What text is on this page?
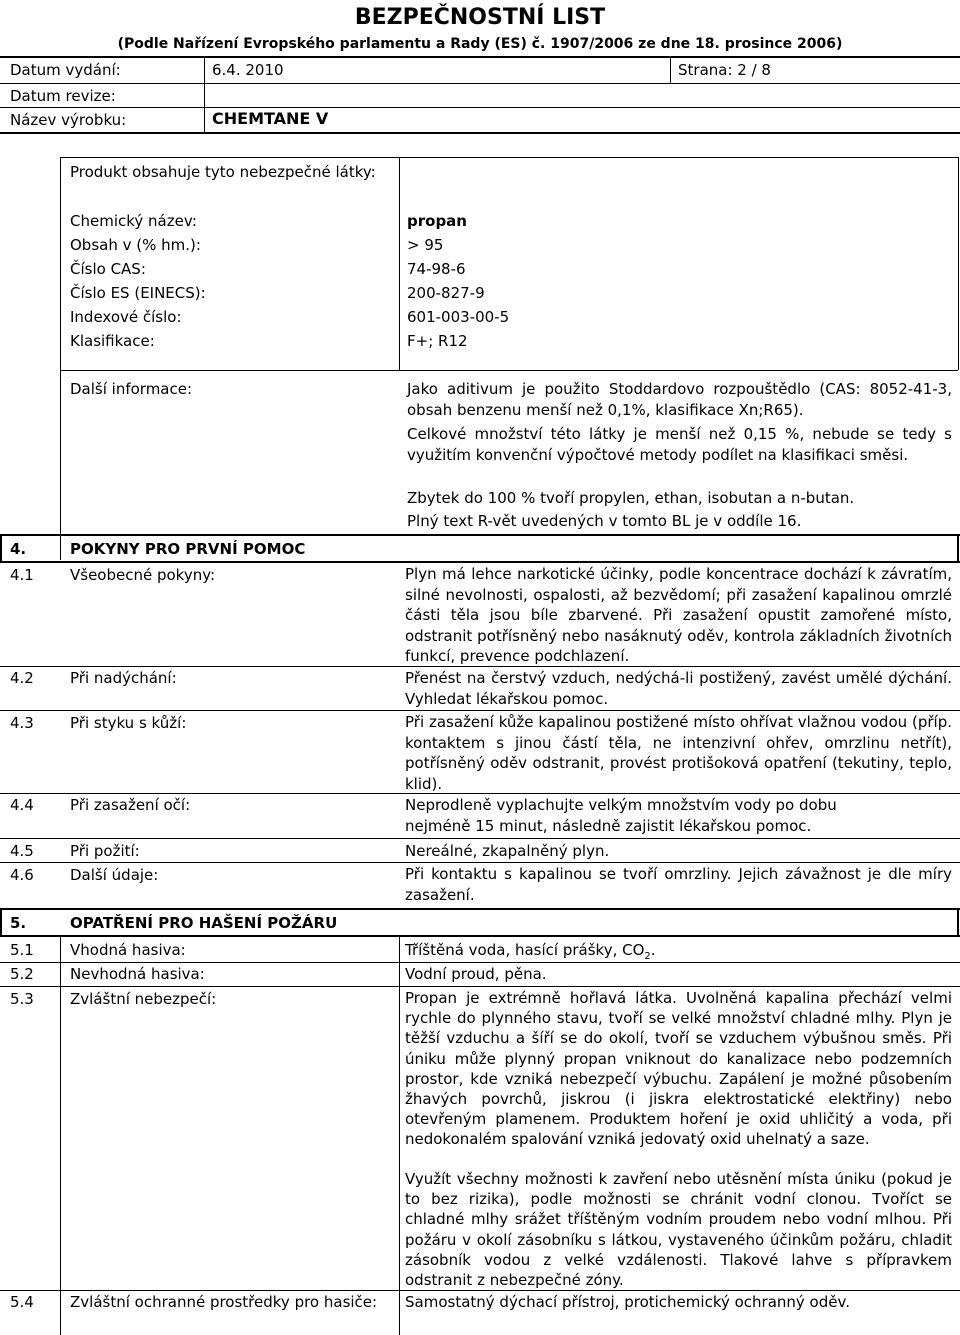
BEZPEČNOSTNÍ LIST
(Podle Nařízení Evropského parlamentu a Rady (ES) č. 1907/2006 ze dne 18. prosince 2006)
Datum vydání:	6.4. 2010	Strana: 2 / 8
Datum revize:
Název výrobku:	CHEMTANE V
Produkt obsahuje tyto nebezpečné látky:
Chemický název:	propan
Obsah v (% hm.):	> 95
Číslo CAS:	74-98-6
Číslo ES (EINECS):	200-827-9
Indexové číslo:	601-003-00-5
Klasifikace:	F+; R12
Další informace:	Jako aditivum je použito Stoddardovo rozpouštědlo (CAS: 8052-41-3, obsah benzenu menší než 0,1%, klasifikace Xn;R65).
Celkové množství této látky je menší než 0,15 %, nebude se tedy s využitím konvenční výpočtové metody podílet na klasifikaci směsi.
Zbytek do 100 % tvoří propylen, ethan, isobutan a n-butan.
Plný text R-vět uvedených v tomto BL je v oddíle 16.
4.	POKYNY PRO PRVNÍ POMOC
4.1 Všeobecné pokyny:	Plyn má lehce narkotické účinky, podle koncentrace dochází k závratím, silné nevolnosti, ospalosti, až bezvědomí; při zasažení kapalinou omrzlé části těla jsou bíle zbarvené. Při zasažení opustit zamořené místo, odstranit potřísněný nebo nasáknutý oděv, kontrola základních životních funkcí, prevence podchlazení.
4.2 Při nadýchání:	Přenést na čerstvý vzduch, nedýchá-li postižený, zavést umělé dýchání. Vyhledat lékařskou pomoc.
4.3 Při styku s kůží:	Při zasažení kůže kapalinou postižené místo ohřívat vlažnou vodou (příp. kontaktem s jinou částí těla, ne intenzivní ohřev, omrzlinu netřít), potřísněný oděv odstranit, provést protišoková opatření (tekutiny, teplo, klid).
4.4 Při zasažení očí:	Neprodleně vyplachujte velkým množstvím vody po dobu nejméně 15 minut, následně zajistit lékařskou pomoc.
4.5 Při požití:	Nereálné, zkapalněný plyn.
4.6 Další údaje:	Při kontaktu s kapalinou se tvoří omrzliny. Jejich závažnost je dle míry zasažení.
5.	OPATŘENÍ PRO HAŠENÍ POŽÁRU
5.1 Vhodná hasiva:	Tříštěná voda, hasící prášky, $CO_2$.
5.2 Nevhodná hasiva:	Vodní proud, pěna.
5.3 Zvláštní nebezpečí:	Propan je extrémně hořlavá látka. Uvolněná kapalina přechází velmi rychle do plynného stavu, tvoří se velké množství chladné mlhy. Plyn je těžší vzduchu a šíří se do okolí, tvoří se vzduchem výbušnou směs. Při úniku může plynný propan vniknout do kanalizace nebo podzemních prostor, kde vzniká nebezpečí výbuchu. Zapálení je možné působením žhavých povrchů, jiskrou (i jiskra elektrostatické elektřiny) nebo otevřeným plamenem. Produktem hoření je oxid uhličitý a voda, při nedokonalém spalování vzniká jedovatý oxid uhelnatý a saze.
Využít všechny možnosti k zavření nebo utěsnění místa úniku (pokud je to bez rizika), podle možnosti se chránit vodní clonou. Tvoříct se chladné mlhy srážet tříštěným vodním proudem nebo vodní mlhou. Při požáru v okolí zásobníku s látkou, vystaveného účinkům požáru, chladit zásobník vodou z velké vzdálenosti. Tlakové lahve s přípravkem odstranit z nebezpečné zóny.
5.4 Zvláštní ochranné prostředky pro hasiče:	Samostatný dýchací přístroj, protichemický ochranný oděv.
